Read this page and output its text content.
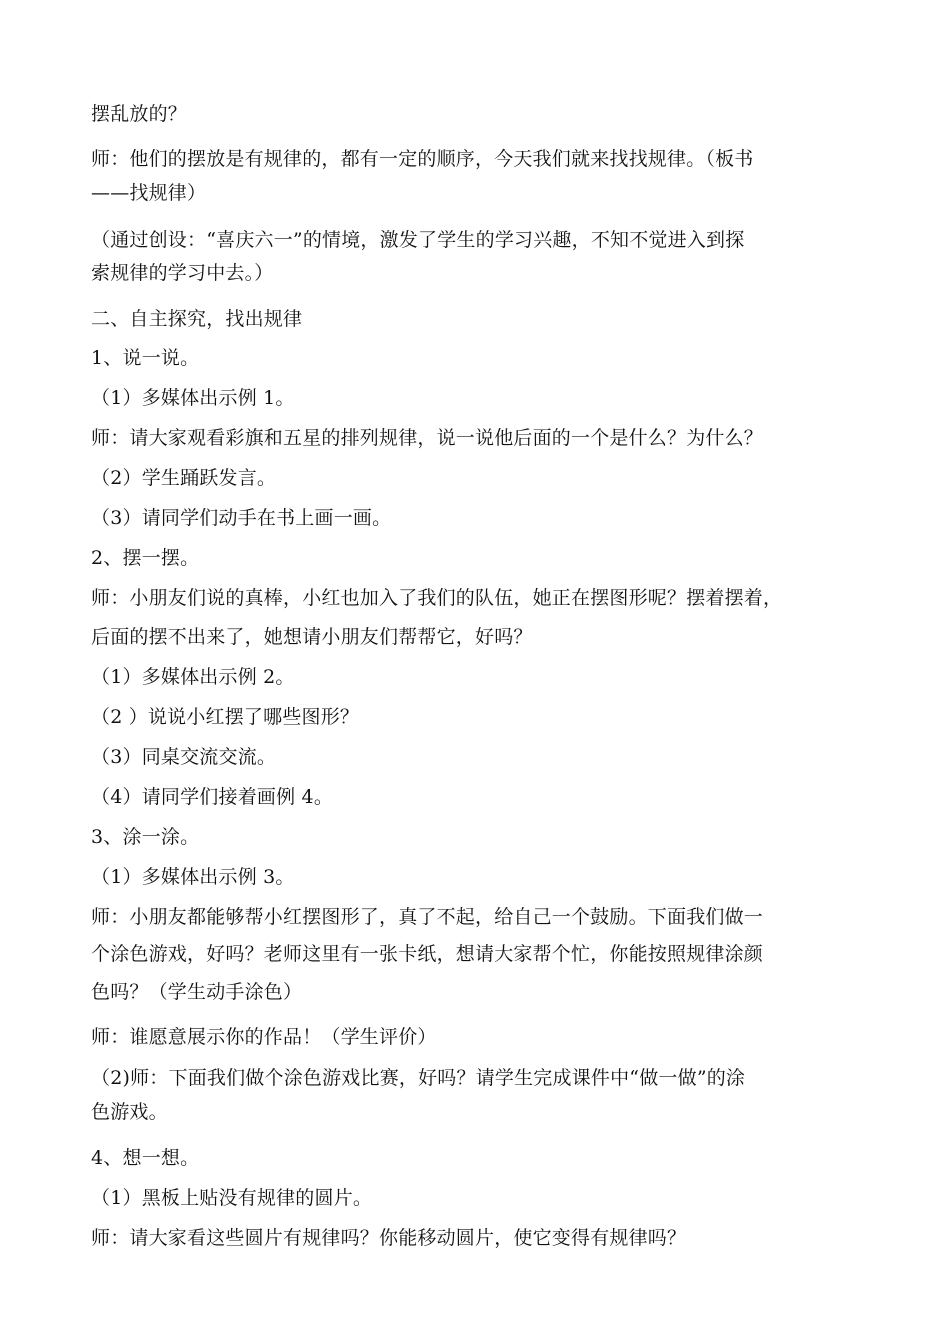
摆乱放的？
师：他们的摆放是有规律的，都有一定的顺序，今天我们就来找找规律。（板书
——找规律）
（通过创设：“喜庆六一”的情境，激发了学生的学习兴趣，不知不觉进入到探
索规律的学习中去。）
二、自主探究，找出规律
1、说一说。
（1）多媒体出示例 1。
师：请大家观看彩旗和五星的排列规律，说一说他后面的一个是什么？为什么？
（2）学生踊跃发言。
（3）请同学们动手在书上画一画。
2、摆一摆。
师：小朋友们说的真棒，小红也加入了我们的队伍，她正在摆图形呢？摆着摆着，
后面的摆不出来了，她想请小朋友们帮帮它，好吗？
（1）多媒体出示例 2。
（2 ）说说小红摆了哪些图形？
（3）同桌交流交流。
（4）请同学们接着画例 4。
3、涂一涂。
（1）多媒体出示例 3。
师：小朋友都能够帮小红摆图形了，真了不起，给自己一个鼓励。下面我们做一
个涂色游戏，好吗？老师这里有一张卡纸，想请大家帮个忙，你能按照规律涂颜
色吗？（学生动手涂色）
师：谁愿意展示你的作品！（学生评价）
（2)师：下面我们做个涂色游戏比赛，好吗？请学生完成课件中“做一做”的涂
色游戏。
4、想一想。
（1）黑板上贴没有规律的圆片。
师：请大家看这些圆片有规律吗？你能移动圆片，使它变得有规律吗？
